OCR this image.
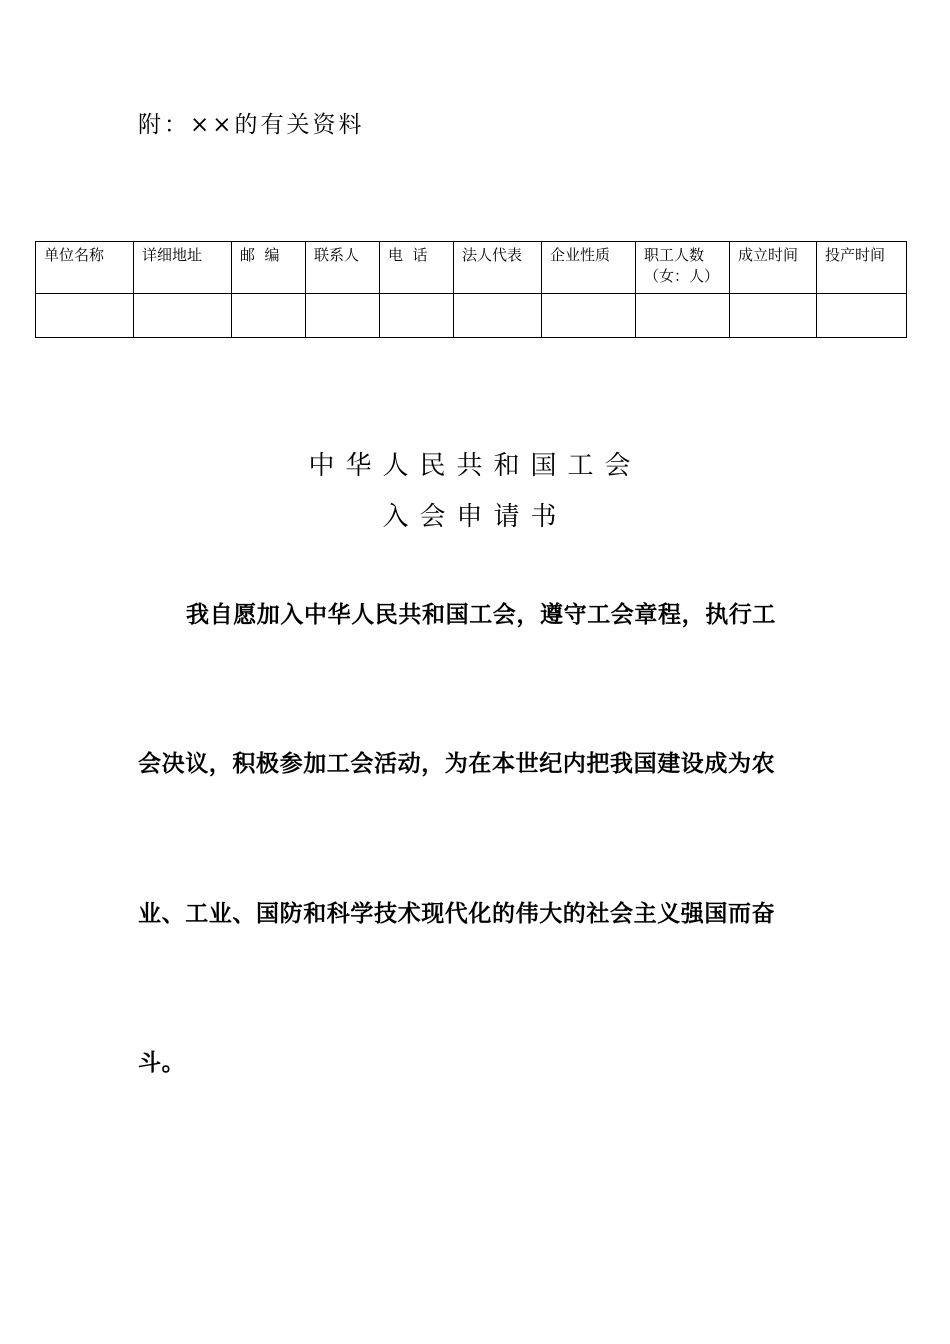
附：××的有关资料
单位名称	详细地址	邮  编	联系人	电  话	法人代表	企业性质	职工人数（女：人）	成立时间	投产时间

中华人民共和国工会
入会申请书
我自愿加入中华人民共和国工会，遵守工会章程，执行工
会决议，积极参加工会活动，为在本世纪内把我国建设成为农
业、工业、国防和科学技术现代化的伟大的社会主义强国而奋
斗。
